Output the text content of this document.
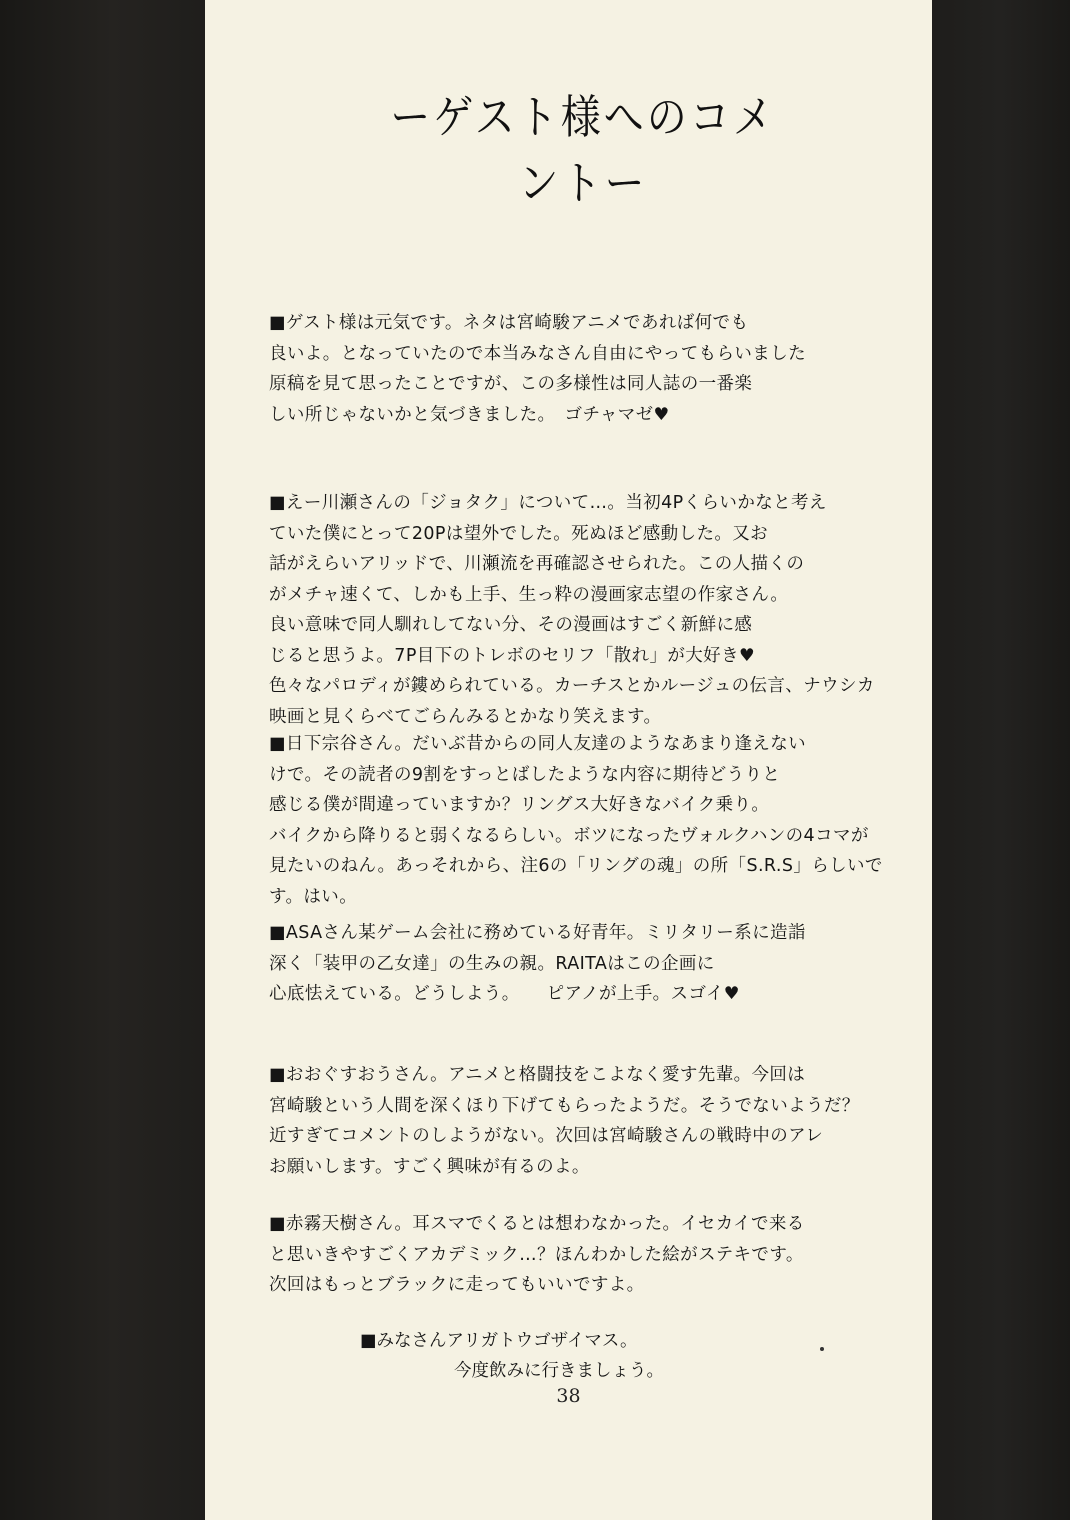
ーゲスト様へのコメントー

■ゲスト様は元気です。ネタは宮崎駿アニメであれば何でも
良いよ。となっていたので本当みなさん自由にやってもらいました
原稿を見て思ったことですが、この多様性は同人誌の一番楽
しい所じゃないかと気づきました。　ゴチャマゼ♥

■えー川瀬さんの「ジョタク」について…。当初4Pくらいかなと考え
ていた僕にとって20Pは望外でした。死ぬほど感動した。又お
話がえらいアリッドで、川瀬流を再確認させられた。この人描くの
がメチャ速くて、しかも上手、生っ粋の漫画家志望の作家さん。
良い意味で同人馴れしてない分、その漫画はすごく新鮮に感
じると思うよ。7P目下のトレボのセリフ「散れ」が大好き♥
色々なパロディが鏤められている。カーチスとかルージュの伝言、ナウシカ
映画と見くらべてごらんみるとかなり笑えます。

■日下宗谷さん。だいぶ昔からの同人友達のようなあまり逢えない
けで。その読者の9割をすっとばしたような内容に期待どうりと
感じる僕が間違っていますか？リングス大好きなバイク乗り。
バイクから降りると弱くなるらしい。ボツになったヴォルクハンの4コマが
見たいのねん。あっそれから、注6の「リングの魂」の所「S.R.S」らしいで
す。はい。

■ASAさん某ゲーム会社に務めている好青年。ミリタリー系に造詣
深く「装甲の乙女達」の生みの親。RAITAはこの企画に
心底怯えている。どうしよう。　　ピアノが上手。スゴイ♥

■おおぐすおうさん。アニメと格闘技をこよなく愛す先輩。今回は
宮崎駿という人間を深くほり下げてもらったようだ。そうでないようだ？
近すぎてコメントのしようがない。次回は宮崎駿さんの戦時中のアレ
お願いします。すごく興味が有るのよ。

■赤霧天樹さん。耳スマでくるとは想わなかった。イセカイで来る
と思いきやすごくアカデミック…？ほんわかした絵がステキです。
次回はもっとブラックに走ってもいいですよ。

■みなさんアリガトウゴザイマス。
今度飲みに行きましょう。

38
